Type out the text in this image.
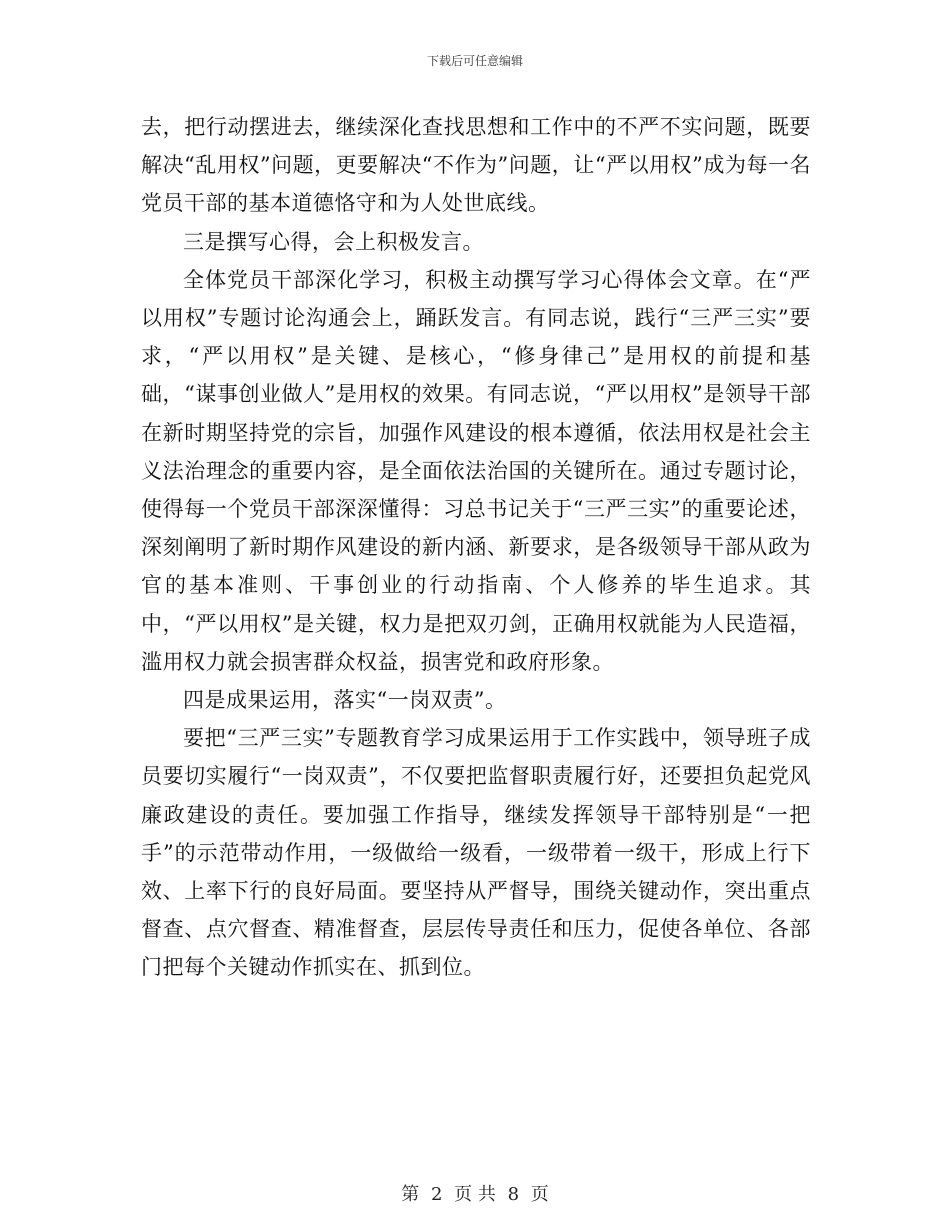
下载后可任意编辑

去，把行动摆进去，继续深化查找思想和工作中的不严不实问题，既要解决“乱用权”问题，更要解决“不作为”问题，让“严以用权”成为每一名党员干部的基本道德恪守和为人处世底线。

三是撰写心得，会上积极发言。

全体党员干部深化学习，积极主动撰写学习心得体会文章。在“严以用权”专题讨论沟通会上，踊跃发言。有同志说，践行“三严三实”要求，“严以用权”是关键、是核心，“修身律己”是用权的前提和基础，“谋事创业做人”是用权的效果。有同志说，“严以用权”是领导干部在新时期坚持党的宗旨，加强作风建设的根本遵循，依法用权是社会主义法治理念的重要内容，是全面依法治国的关键所在。通过专题讨论，使得每一个党员干部深深懂得：习总书记关于“三严三实”的重要论述，深刻阐明了新时期作风建设的新内涵、新要求，是各级领导干部从政为官的基本准则、干事创业的行动指南、个人修养的毕生追求。其中，“严以用权”是关键，权力是把双刃剑，正确用权就能为人民造福，滥用权力就会损害群众权益，损害党和政府形象。

四是成果运用，落实“一岗双责”。

要把“三严三实”专题教育学习成果运用于工作实践中，领导班子成员要切实履行“一岗双责”，不仅要把监督职责履行好，还要担负起党风廉政建设的责任。要加强工作指导，继续发挥领导干部特别是“一把手”的示范带动作用，一级做给一级看，一级带着一级干，形成上行下效、上率下行的良好局面。要坚持从严督导，围绕关键动作，突出重点督查、点穴督查、精准督查，层层传导责任和压力，促使各单位、各部门把每个关键动作抓实在、抓到位。

第 2 页 共 8 页
